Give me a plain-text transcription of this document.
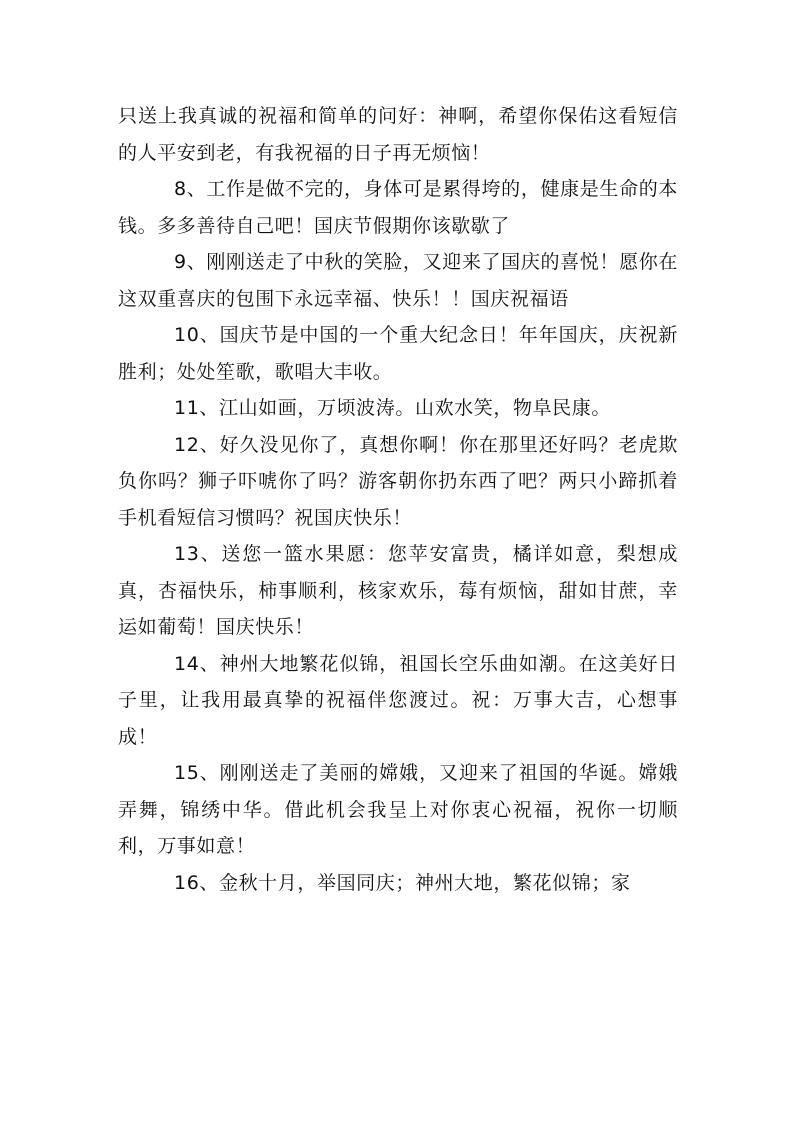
只送上我真诚的祝福和简单的问好：神啊，希望你保佑这看短信的人平安到老，有我祝福的日子再无烦恼！

8、工作是做不完的，身体可是累得垮的，健康是生命的本钱。多多善待自己吧！国庆节假期你该歇歇了

9、刚刚送走了中秋的笑脸，又迎来了国庆的喜悦！愿你在这双重喜庆的包围下永远幸福、快乐！！国庆祝福语

10、国庆节是中国的一个重大纪念日！年年国庆，庆祝新胜利；处处笙歌，歌唱大丰收。

11、江山如画，万顷波涛。山欢水笑，物阜民康。

12、好久没见你了，真想你啊！你在那里还好吗？老虎欺负你吗？狮子吓唬你了吗？游客朝你扔东西了吧？两只小蹄抓着手机看短信习惯吗？祝国庆快乐！

13、送您一篮水果愿：您苹安富贵，橘详如意，梨想成真，杏福快乐，柿事顺利，核家欢乐，莓有烦恼，甜如甘蔗，幸运如葡萄！国庆快乐！

14、神州大地繁花似锦，祖国长空乐曲如潮。在这美好日子里，让我用最真挚的祝福伴您渡过。祝：万事大吉，心想事成！

15、刚刚送走了美丽的嫦娥，又迎来了祖国的华诞。嫦娥弄舞，锦绣中华。借此机会我呈上对你衷心祝福，祝你一切顺利，万事如意！

16、金秋十月，举国同庆；神州大地，繁花似锦；家
